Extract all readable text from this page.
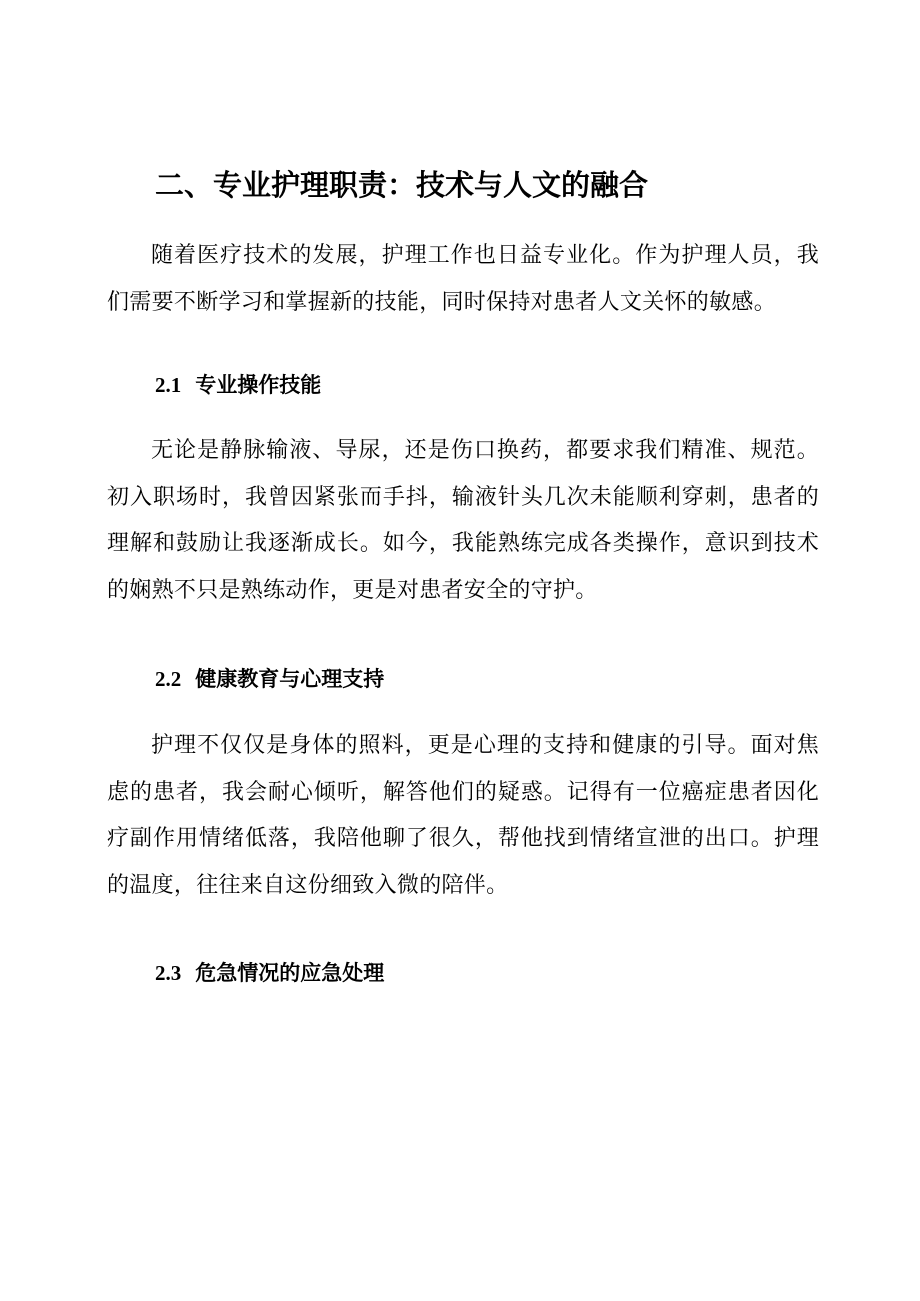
二、专业护理职责：技术与人文的融合

随着医疗技术的发展，护理工作也日益专业化。作为护理人员，我们需要不断学习和掌握新的技能，同时保持对患者人文关怀的敏感。

2.1 专业操作技能

无论是静脉输液、导尿，还是伤口换药，都要求我们精准、规范。初入职场时，我曾因紧张而手抖，输液针头几次未能顺利穿刺，患者的理解和鼓励让我逐渐成长。如今，我能熟练完成各类操作，意识到技术的娴熟不只是熟练动作，更是对患者安全的守护。

2.2 健康教育与心理支持

护理不仅仅是身体的照料，更是心理的支持和健康的引导。面对焦虑的患者，我会耐心倾听，解答他们的疑惑。记得有一位癌症患者因化疗副作用情绪低落，我陪他聊了很久，帮他找到情绪宣泄的出口。护理的温度，往往来自这份细致入微的陪伴。

2.3 危急情况的应急处理
